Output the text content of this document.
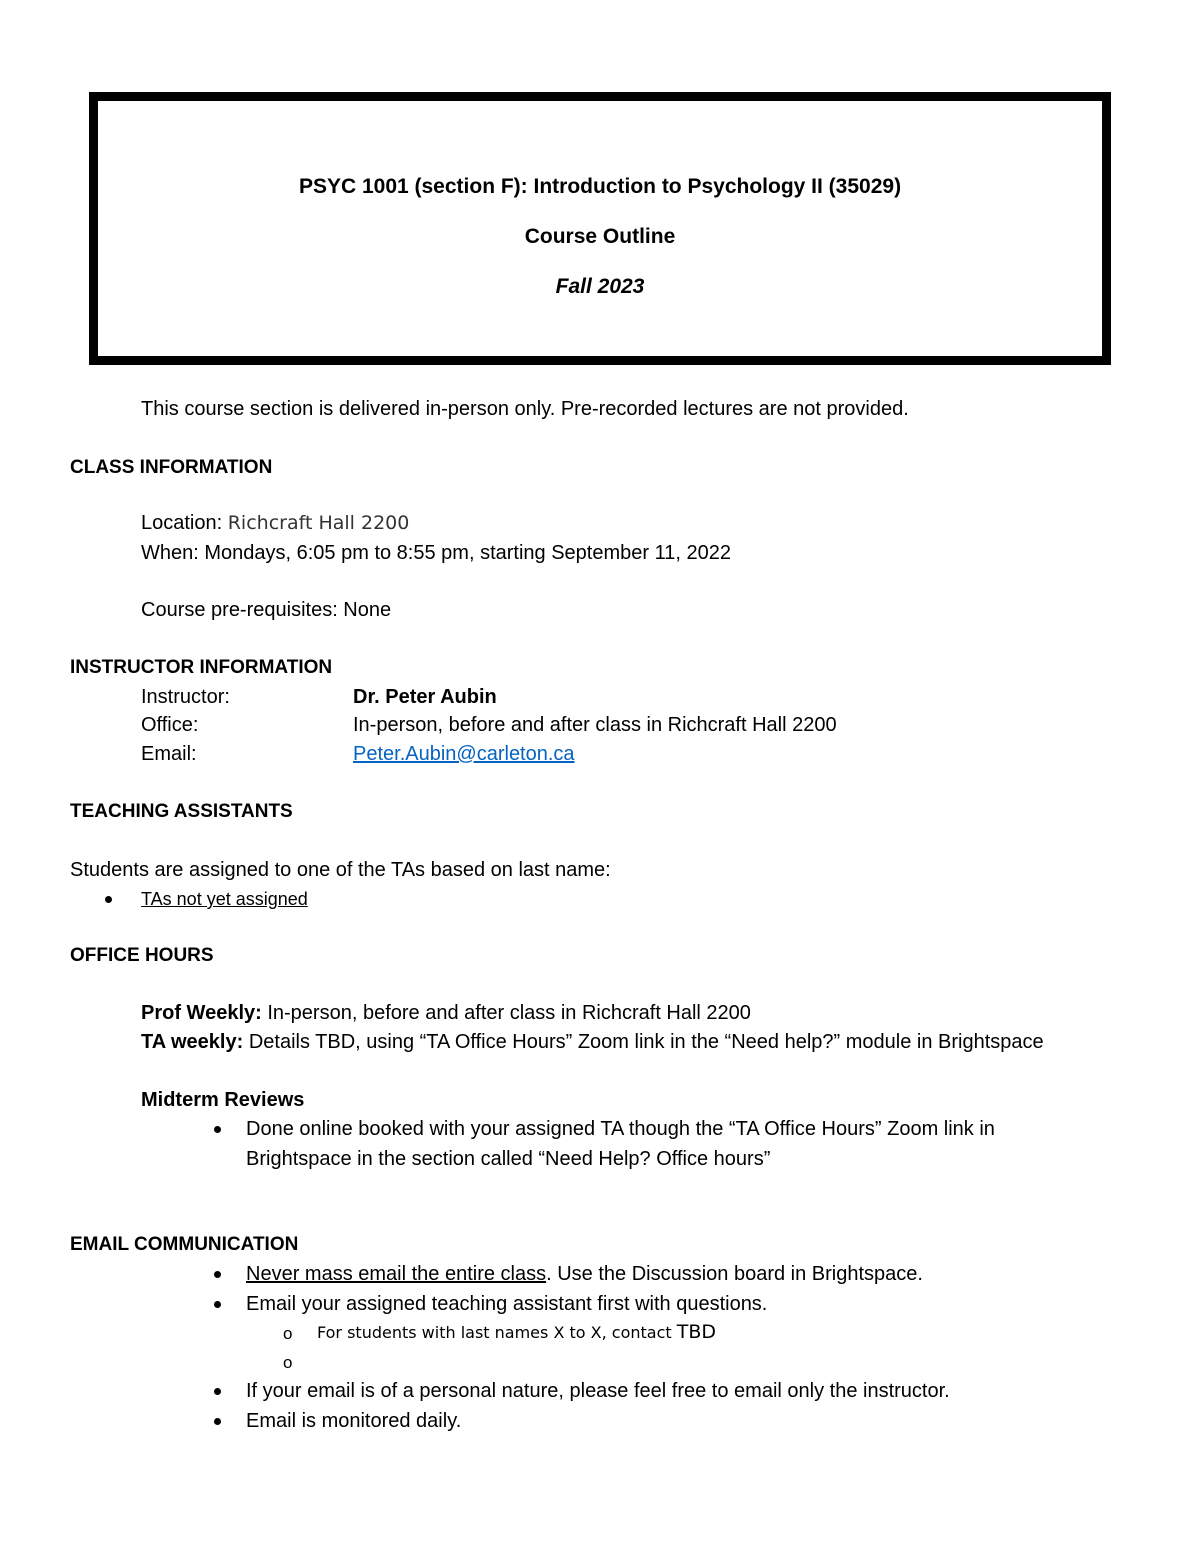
PSYC 1001 (section F): Introduction to Psychology II (35029)
Course Outline
Fall 2023
This course section is delivered in-person only. Pre-recorded lectures are not provided.
CLASS INFORMATION
Location: Richcraft Hall 2200
When: Mondays, 6:05 pm to 8:55 pm, starting September 11, 2022
Course pre-requisites: None
INSTRUCTOR INFORMATION
Instructor:	Dr. Peter Aubin
Office:	In-person, before and after class in Richcraft Hall 2200
Email:	Peter.Aubin@carleton.ca
TEACHING ASSISTANTS
Students are assigned to one of the TAs based on last name:
TAs not yet assigned
OFFICE HOURS
Prof Weekly: In-person, before and after class in Richcraft Hall 2200
TA weekly: Details TBD, using “TA Office Hours” Zoom link in the “Need help?” module in Brightspace
Midterm Reviews
Done online booked with your assigned TA though the “TA Office Hours” Zoom link in
Brightspace in the section called “Need Help? Office hours”
EMAIL COMMUNICATION
Never mass email the entire class. Use the Discussion board in Brightspace.
Email your assigned teaching assistant first with questions.
o For students with last names X to X, contact TBD
o
If your email is of a personal nature, please feel free to email only the instructor.
Email is monitored daily.
